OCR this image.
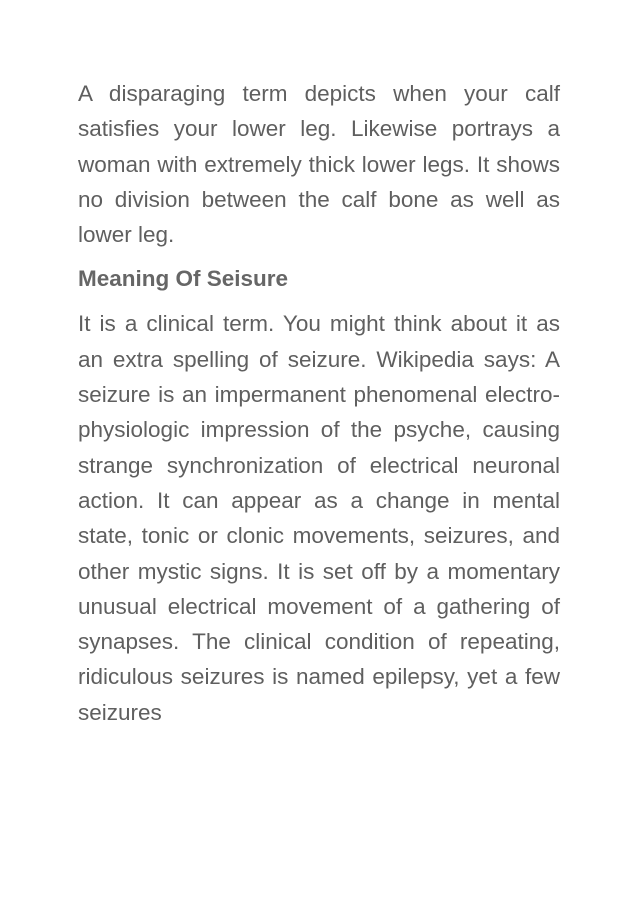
A disparaging term depicts when your calf satisfies your lower leg. Likewise portrays a woman with extremely thick lower legs. It shows no division between the calf bone as well as lower leg.

Meaning Of Seisure

It is a clinical term. You might think about it as an extra spelling of seizure. Wikipedia says: A seizure is an impermanent phenomenal electro-physiologic impression of the psyche, causing strange synchronization of electrical neuronal action. It can appear as a change in mental state, tonic or clonic movements, seizures, and other mystic signs. It is set off by a momentary unusual electrical movement of a gathering of synapses. The clinical condition of repeating, ridiculous seizures is named epilepsy, yet a few seizures
